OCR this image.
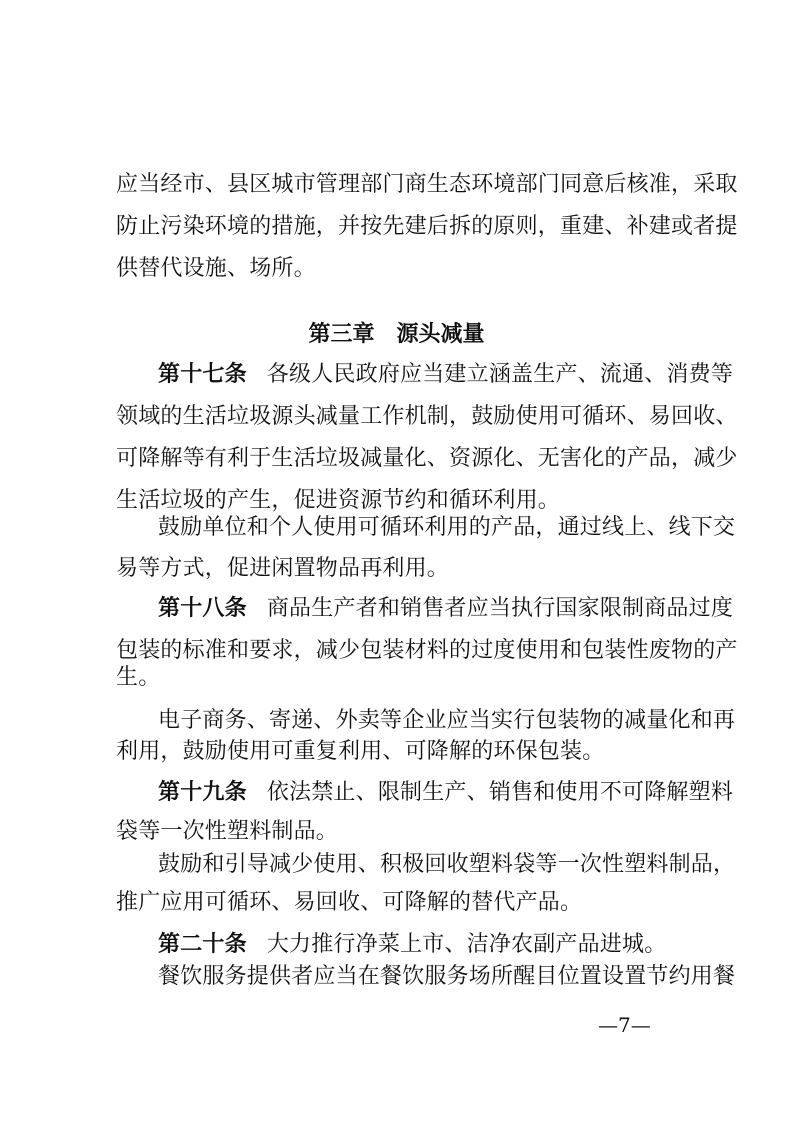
应当经市、县区城市管理部门商生态环境部门同意后核准，采取
防止污染环境的措施，并按先建后拆的原则，重建、补建或者提
供替代设施、场所。
第三章 源头减量
第十七条 各级人民政府应当建立涵盖生产、流通、消费等
领域的生活垃圾源头减量工作机制，鼓励使用可循环、易回收、
可降解等有利于生活垃圾减量化、资源化、无害化的产品，减少
生活垃圾的产生，促进资源节约和循环利用。
鼓励单位和个人使用可循环利用的产品，通过线上、线下交
易等方式，促进闲置物品再利用。
第十八条 商品生产者和销售者应当执行国家限制商品过度
包装的标准和要求，减少包装材料的过度使用和包装性废物的产
生。
电子商务、寄递、外卖等企业应当实行包装物的减量化和再
利用，鼓励使用可重复利用、可降解的环保包装。
第十九条 依法禁止、限制生产、销售和使用不可降解塑料
袋等一次性塑料制品。
鼓励和引导减少使用、积极回收塑料袋等一次性塑料制品，
推广应用可循环、易回收、可降解的替代产品。
第二十条 大力推行净菜上市、洁净农副产品进城。
餐饮服务提供者应当在餐饮服务场所醒目位置设置节约用餐
—7—
